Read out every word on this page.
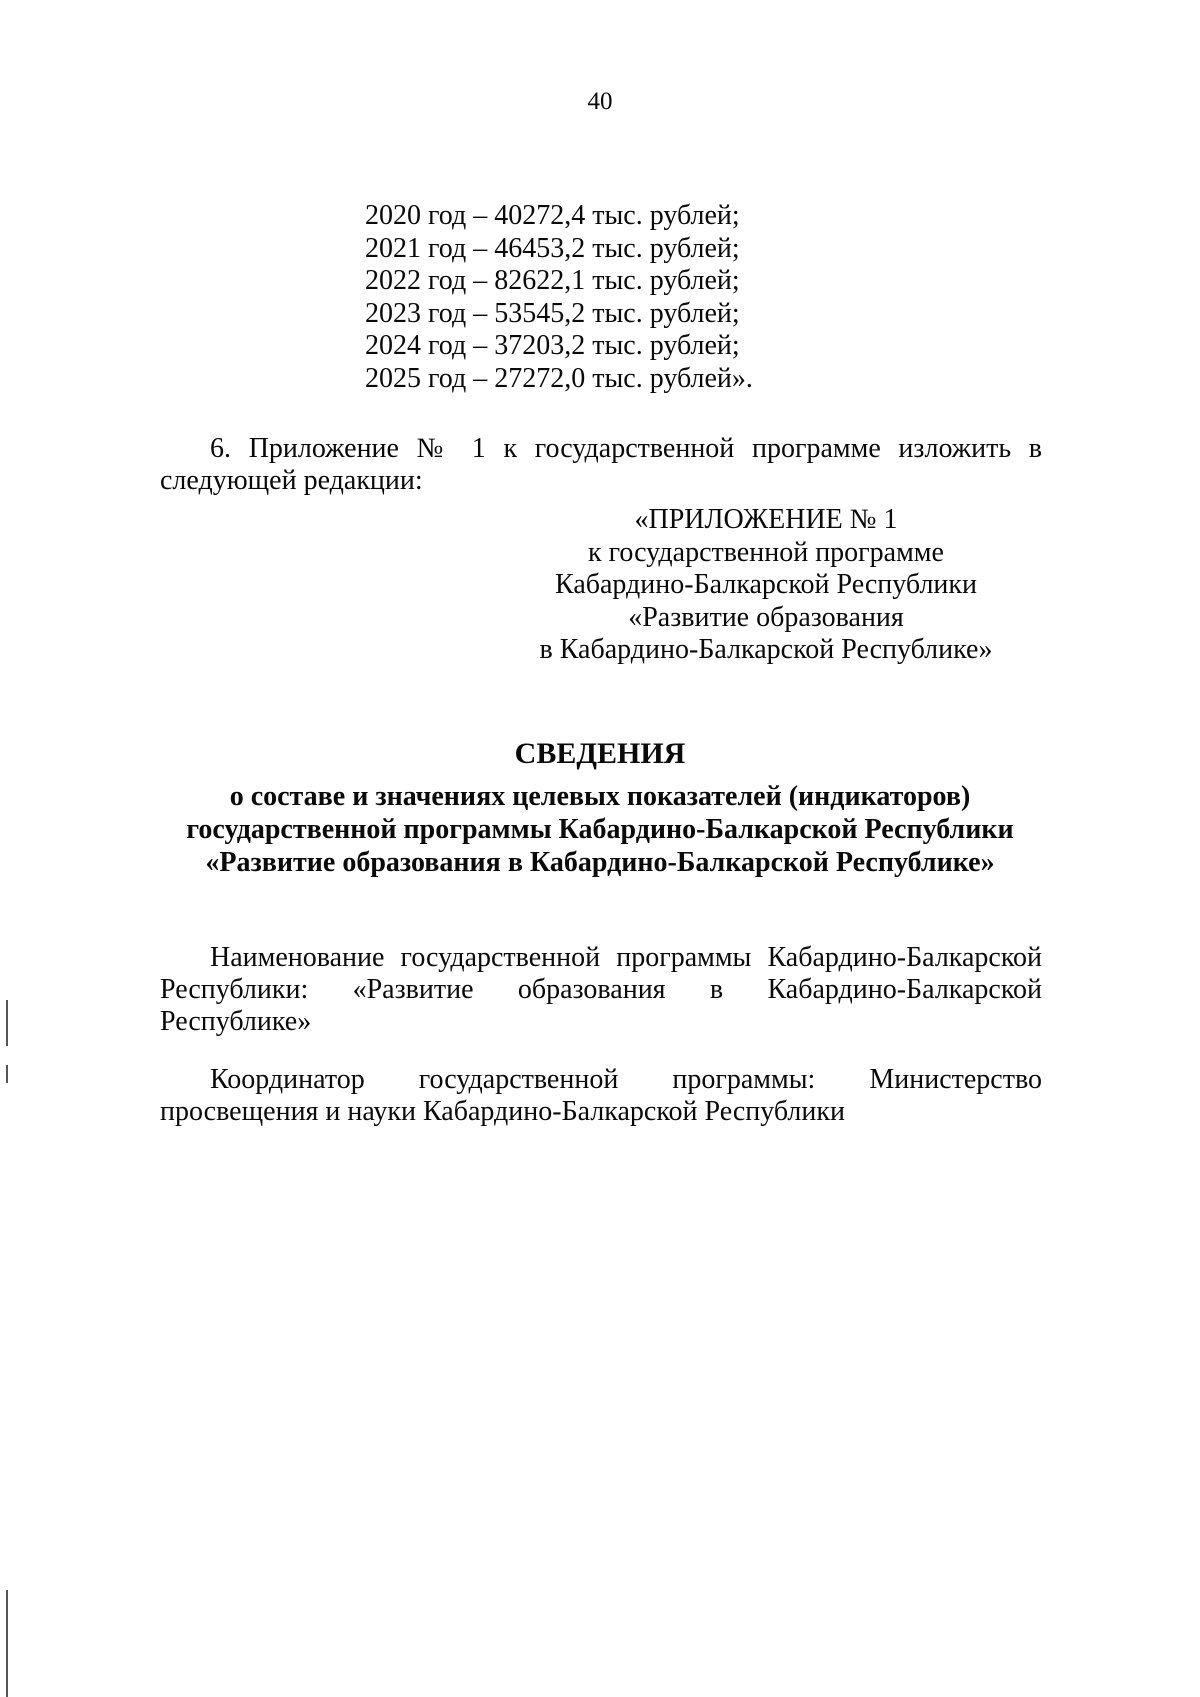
40
2020 год – 40272,4 тыс. рублей;
2021 год – 46453,2 тыс. рублей;
2022 год – 82622,1 тыс. рублей;
2023 год – 53545,2 тыс. рублей;
2024 год – 37203,2 тыс. рублей;
2025 год – 27272,0 тыс. рублей».

6. Приложение № 1 к государственной программе изложить в следующей редакции:

«ПРИЛОЖЕНИЕ № 1
к государственной программе
Кабардино-Балкарской Республики
«Развитие образования
в Кабардино-Балкарской Республике»
СВЕДЕНИЯ
о составе и значениях целевых показателей (индикаторов)
государственной программы Кабардино-Балкарской Республики
«Развитие образования в Кабардино-Балкарской Республике»

Наименование государственной программы Кабардино-Балкарской Республики: «Развитие образования в Кабардино-Балкарской Республике»

Координатор государственной программы: Министерство просвещения и науки Кабардино-Балкарской Республики
